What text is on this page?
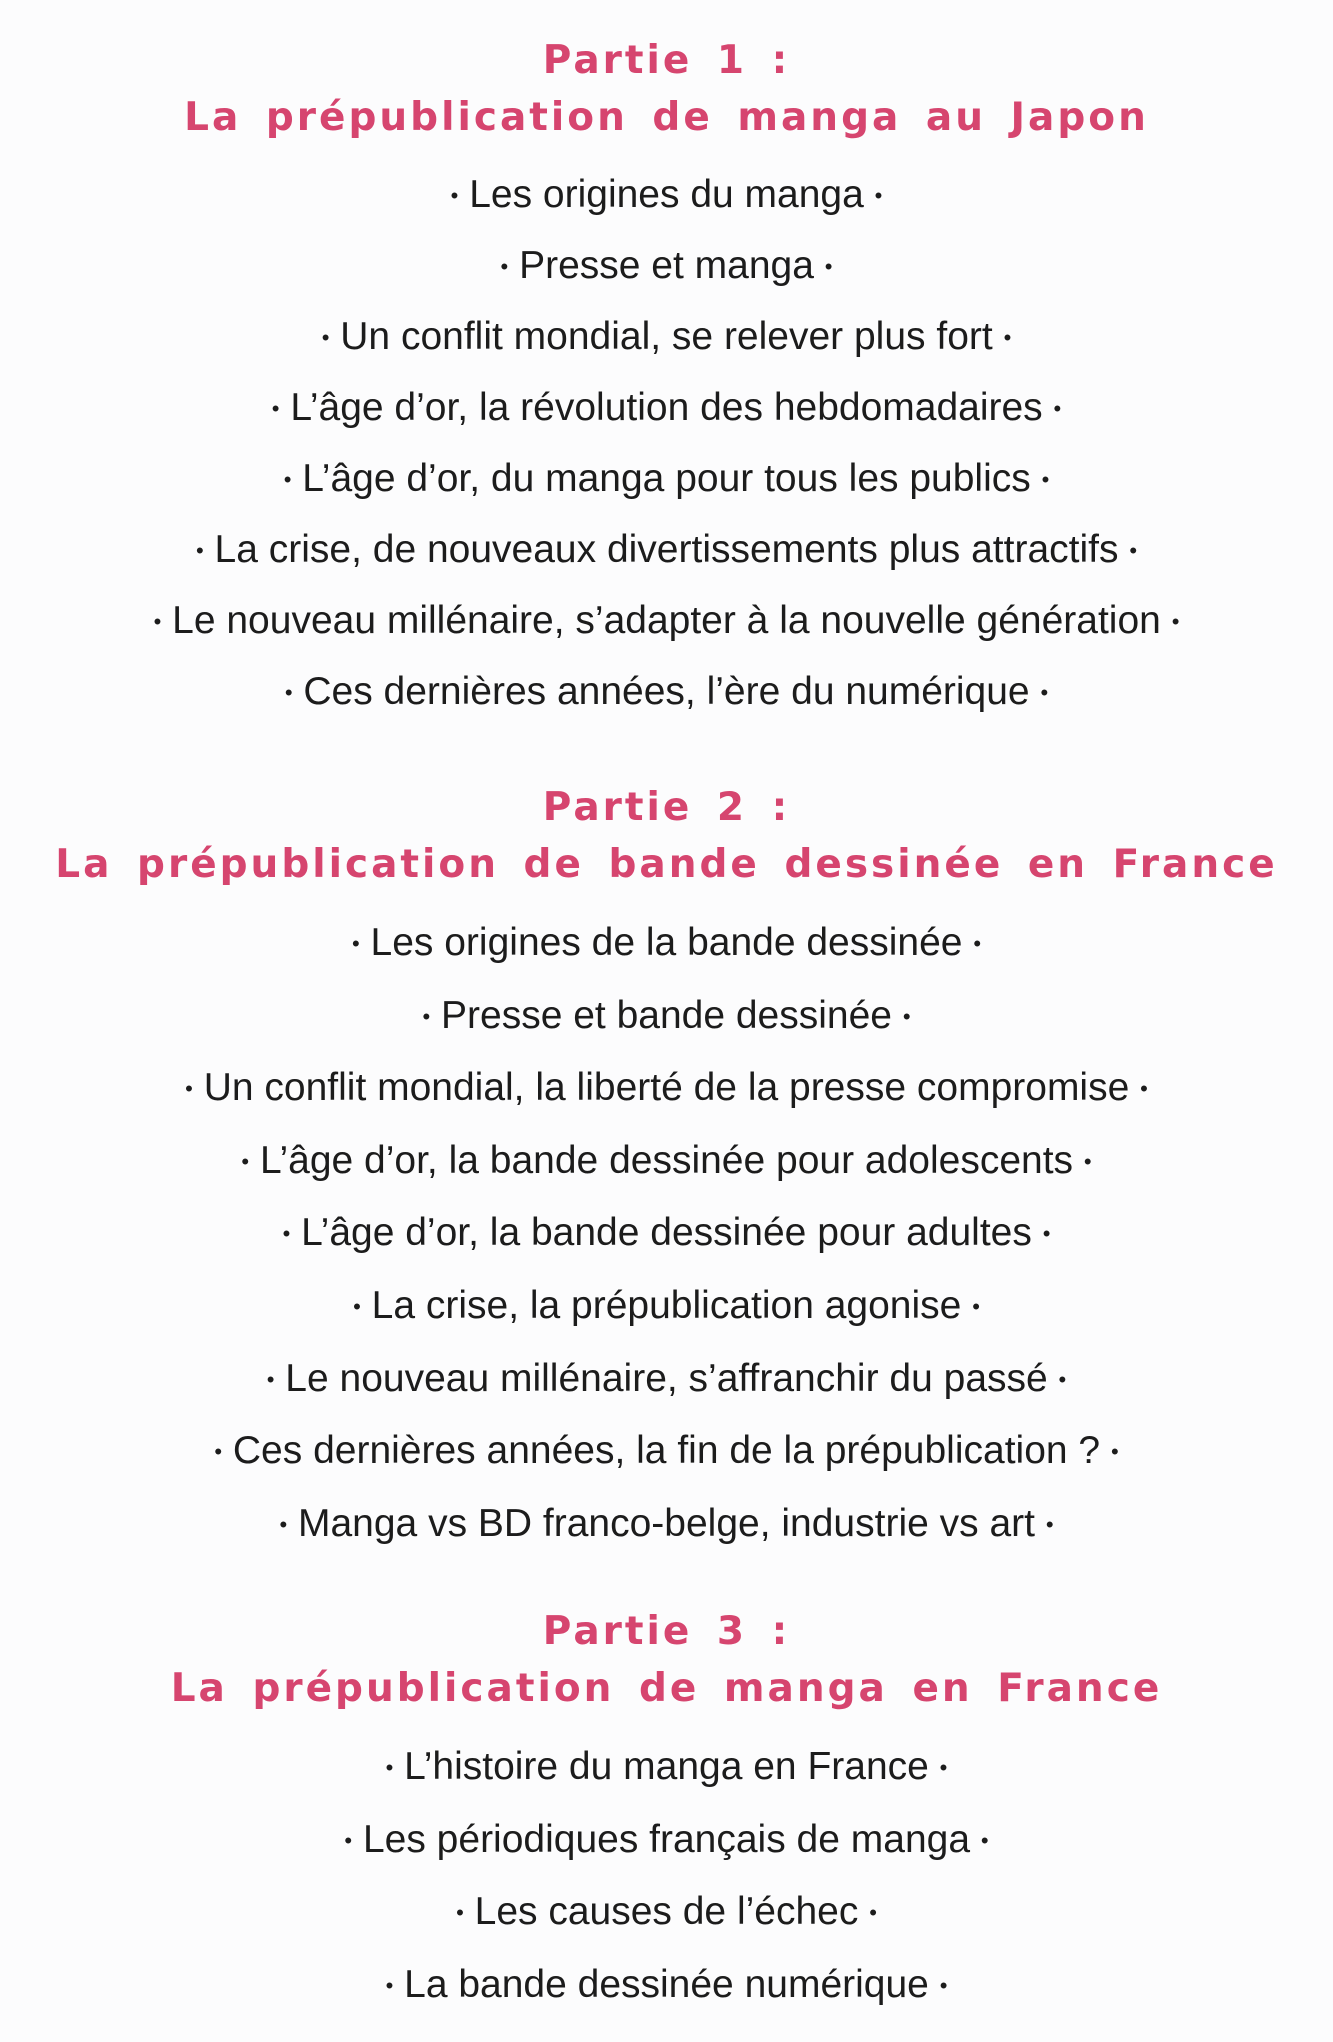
Partie 1 :

La prépublication de manga au Japon

• Les origines du manga •
• Presse et manga •
• Un conflit mondial, se relever plus fort •
• L’âge d’or, la révolution des hebdomadaires •
• L’âge d’or, du manga pour tous les publics •
• La crise, de nouveaux divertissements plus attractifs •
• Le nouveau millénaire, s’adapter à la nouvelle génération •
• Ces dernières années, l’ère du numérique •

Partie 2 :

La prépublication de bande dessinée en France

• Les origines de la bande dessinée •
• Presse et bande dessinée •
• Un conflit mondial, la liberté de la presse compromise •
• L’âge d’or, la bande dessinée pour adolescents •
• L’âge d’or, la bande dessinée pour adultes •
• La crise, la prépublication agonise •
• Le nouveau millénaire, s’affranchir du passé •
• Ces dernières années, la fin de la prépublication ? •
• Manga vs BD franco-belge, industrie vs art •

Partie 3 :

La prépublication de manga en France

• L’histoire du manga en France •
• Les périodiques français de manga •
• Les causes de l’échec •
• La bande dessinée numérique •
